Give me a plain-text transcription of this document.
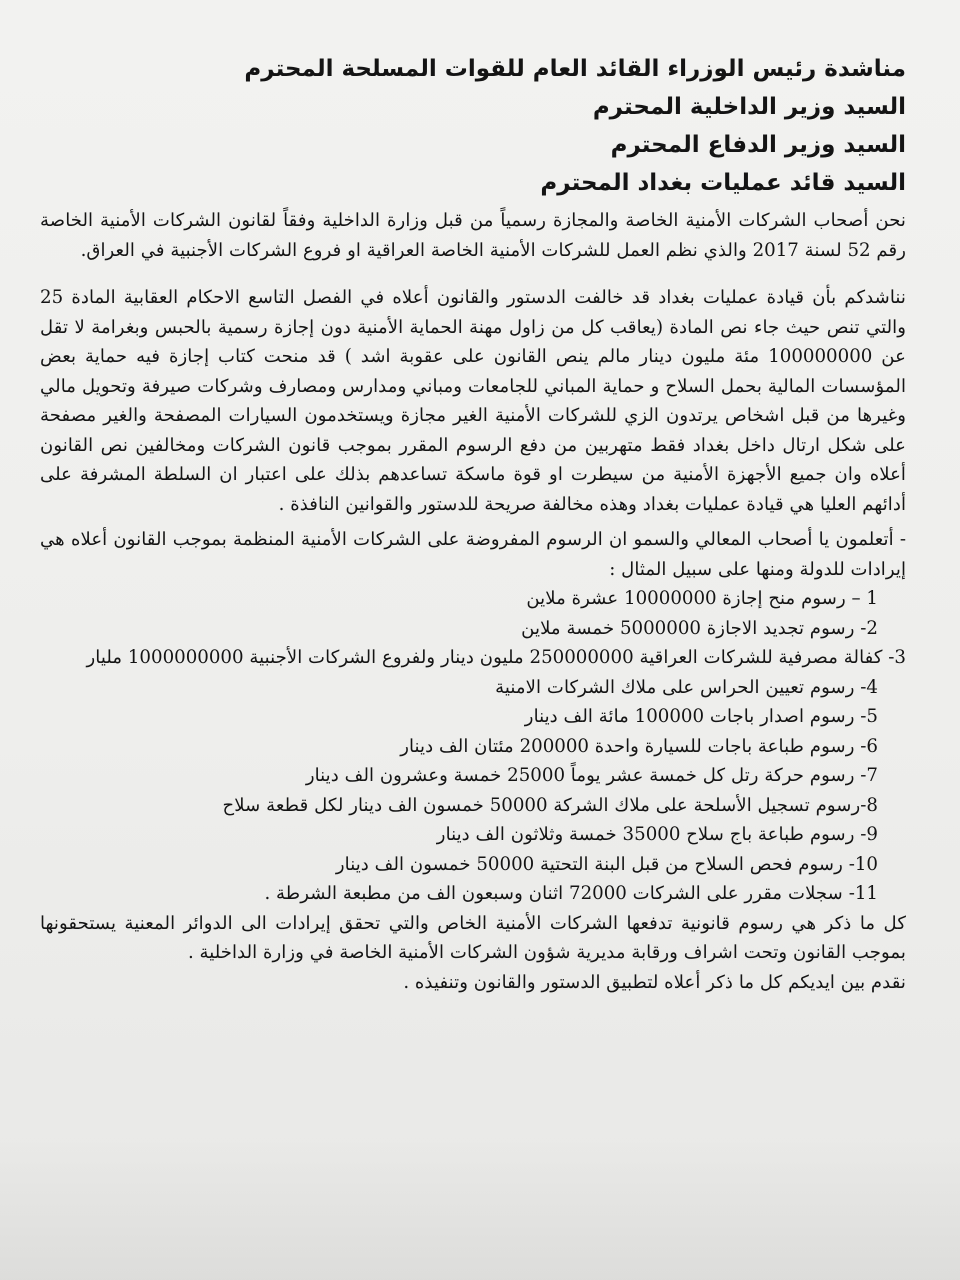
مناشدة رئيس الوزراء القائد العام للقوات المسلحة المحترم

السيد وزير الداخلية المحترم

السيد وزير الدفاع المحترم

السيد قائد عمليات بغداد المحترم

نحن أصحاب الشركات الأمنية الخاصة والمجازة رسمياً من قبل وزارة الداخلية وفقاً لقانون الشركات الأمنية الخاصة رقم 52 لسنة 2017 والذي نظم العمل للشركات الأمنية الخاصة العراقية او فروع الشركات الأجنبية في العراق.

نناشدكم بأن قيادة عمليات بغداد قد خالفت الدستور والقانون أعلاه في الفصل التاسع الاحكام العقابية المادة 25 والتي تنص حيث جاء نص المادة (يعاقب كل من زاول مهنة الحماية الأمنية دون إجازة رسمية بالحبس وبغرامة لا تقل عن 100000000 مئة مليون دينار مالم ينص القانون على عقوبة اشد ) قد منحت كتاب إجازة فيه حماية بعض المؤسسات المالية بحمل السلاح و حماية المباني للجامعات ومباني ومدارس ومصارف وشركات صيرفة وتحويل مالي وغيرها من قبل اشخاص يرتدون الزي للشركات الأمنية الغير مجازة ويستخدمون السيارات المصفحة والغير مصفحة على شكل ارتال داخل بغداد فقط متهربين من دفع الرسوم المقرر بموجب قانون الشركات ومخالفين نص القانون أعلاه وان جميع الأجهزة الأمنية من سيطرت او قوة ماسكة تساعدهم بذلك على اعتبار ان السلطة المشرفة على أدائهم العليا هي قيادة عمليات بغداد وهذه مخالفة صريحة للدستور والقوانين النافذة .

- أتعلمون يا أصحاب المعالي والسمو ان الرسوم المفروضة على الشركات الأمنية المنظمة بموجب القانون أعلاه هي إيرادات للدولة ومنها على سبيل المثال :

1 – رسوم منح إجازة 10000000 عشرة ملاين

2- رسوم تجديد الاجازة 5000000 خمسة ملاين

3- كفالة مصرفية للشركات العراقية 250000000 مليون دينار ولفروع الشركات الأجنبية 1000000000 مليار

4- رسوم تعيين الحراس على ملاك الشركات الامنية

5- رسوم اصدار باجات 100000 مائة الف دينار

6- رسوم طباعة باجات للسيارة واحدة 200000 مئتان الف دينار

7- رسوم حركة رتل كل خمسة عشر يوماً 25000 خمسة وعشرون الف دينار

8-رسوم تسجيل الأسلحة على ملاك الشركة 50000 خمسون الف دينار لكل قطعة سلاح

9- رسوم طباعة باج سلاح 35000 خمسة وثلاثون الف دينار

10- رسوم فحص السلاح من قبل البنة التحتية 50000 خمسون الف دينار

11- سجلات مقرر على الشركات 72000 اثنان وسبعون الف من مطبعة الشرطة .

كل ما ذكر هي رسوم قانونية تدفعها الشركات الأمنية الخاص والتي تحقق إيرادات الى الدوائر المعنية يستحقونها بموجب القانون وتحت اشراف ورقابة مديرية شؤون الشركات الأمنية الخاصة في وزارة الداخلية .

نقدم بين ايديكم كل ما ذكر أعلاه لتطبيق الدستور والقانون وتنفيذه .
